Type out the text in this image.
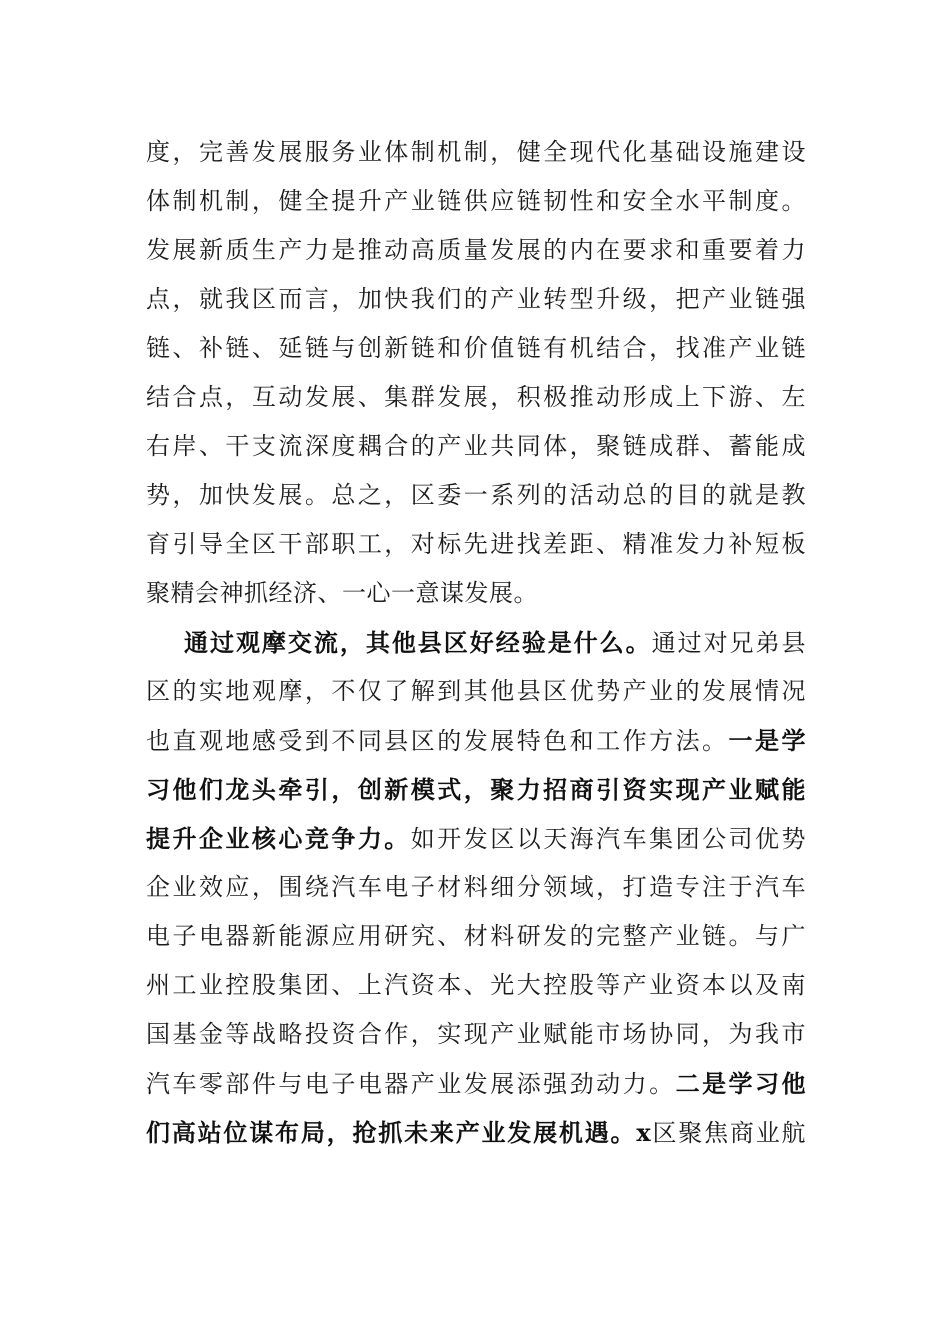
度，完善发展服务业体制机制，健全现代化基础设施建设
体制机制，健全提升产业链供应链韧性和安全水平制度。
发展新质生产力是推动高质量发展的内在要求和重要着力
点，就我区而言，加快我们的产业转型升级，把产业链强
链、补链、延链与创新链和价值链有机结合，找准产业链
结合点，互动发展、集群发展，积极推动形成上下游、左
右岸、干支流深度耦合的产业共同体，聚链成群、蓄能成
势，加快发展。总之，区委一系列的活动总的目的就是教
育引导全区干部职工，对标先进找差距、精准发力补短板
聚精会神抓经济、一心一意谋发展。
通过观摩交流，其他县区好经验是什么。通过对兄弟县
区的实地观摩，不仅了解到其他县区优势产业的发展情况
也直观地感受到不同县区的发展特色和工作方法。一是学
习他们龙头牵引，创新模式，聚力招商引资实现产业赋能
提升企业核心竞争力。如开发区以天海汽车集团公司优势
企业效应，围绕汽车电子材料细分领域，打造专注于汽车
电子电器新能源应用研究、材料研发的完整产业链。与广
州工业控股集团、上汽资本、光大控股等产业资本以及南
国基金等战略投资合作，实现产业赋能市场协同，为我市
汽车零部件与电子电器产业发展添强劲动力。二是学习他
们高站位谋布局，抢抓未来产业发展机遇。x区聚焦商业航
